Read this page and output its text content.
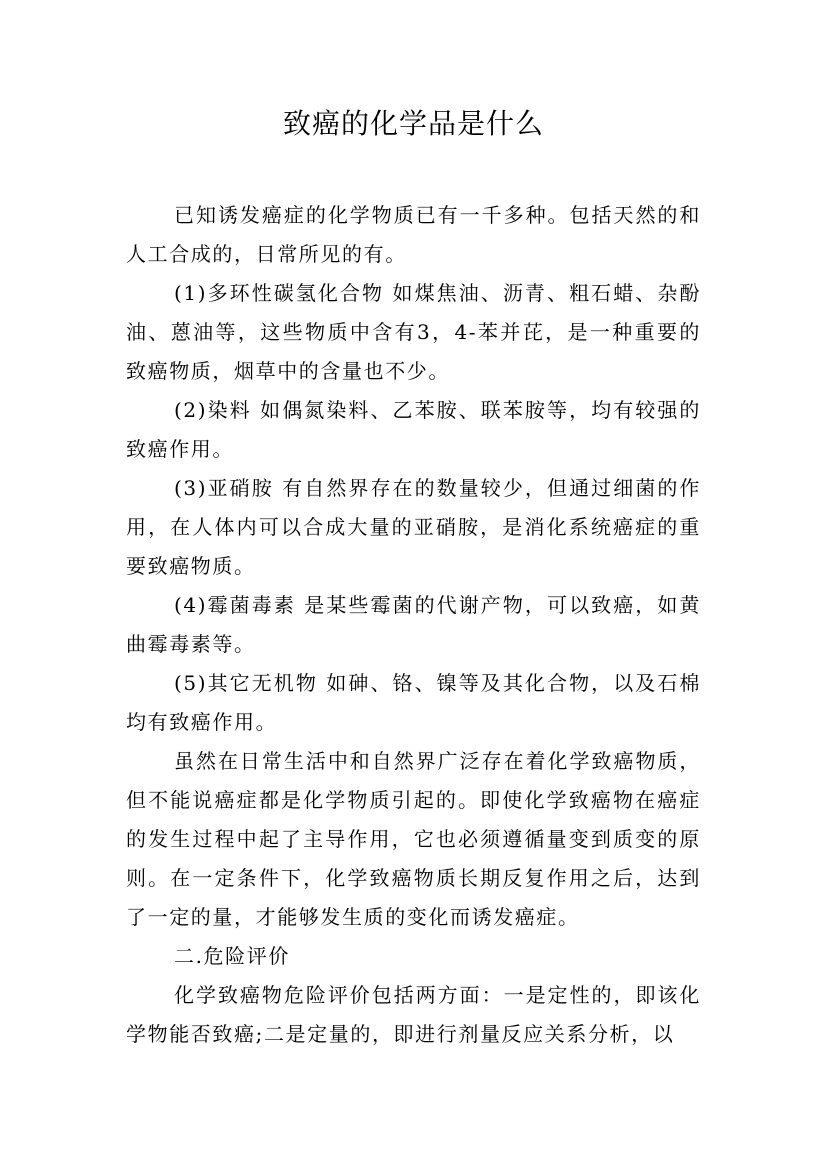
致癌的化学品是什么

已知诱发癌症的化学物质已有一千多种。包括天然的和人工合成的，日常所见的有。

(1)多环性碳氢化合物 如煤焦油、沥青、粗石蜡、杂酚油、蒽油等，这些物质中含有3，4-苯并芘，是一种重要的致癌物质，烟草中的含量也不少。

(2)染料 如偶氮染料、乙苯胺、联苯胺等，均有较强的致癌作用。

(3)亚硝胺 有自然界存在的数量较少，但通过细菌的作用，在人体内可以合成大量的亚硝胺，是消化系统癌症的重要致癌物质。

(4)霉菌毒素 是某些霉菌的代谢产物，可以致癌，如黄曲霉毒素等。

(5)其它无机物 如砷、铬、镍等及其化合物，以及石棉均有致癌作用。

虽然在日常生活中和自然界广泛存在着化学致癌物质，但不能说癌症都是化学物质引起的。即使化学致癌物在癌症的发生过程中起了主导作用，它也必须遵循量变到质变的原则。在一定条件下，化学致癌物质长期反复作用之后，达到了一定的量，才能够发生质的变化而诱发癌症。

二.危险评价

化学致癌物危险评价包括两方面：一是定性的，即该化学物能否致癌;二是定量的，即进行剂量反应关系分析，以
